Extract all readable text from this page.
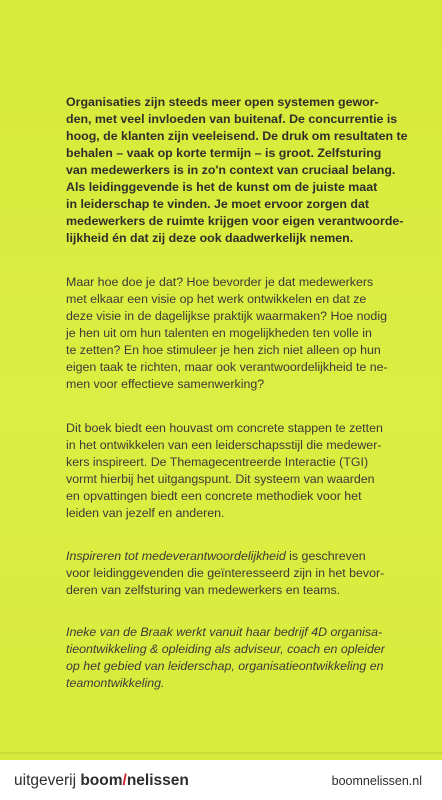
Organisaties zijn steeds meer open systemen gewor-
den, met veel invloeden van buitenaf. De concurrentie is
hoog, de klanten zijn veeleisend. De druk om resultaten te
behalen – vaak op korte termijn – is groot. Zelfsturing
van medewerkers is in zo'n context van cruciaal belang.
Als leidinggevende is het de kunst om de juiste maat
in leiderschap te vinden. Je moet ervoor zorgen dat
medewerkers de ruimte krijgen voor eigen verantwoorde-
lijkheid én dat zij deze ook daadwerkelijk nemen.

Maar hoe doe je dat? Hoe bevorder je dat medewerkers
met elkaar een visie op het werk ontwikkelen en dat ze
deze visie in de dagelijkse praktijk waarmaken? Hoe nodig
je hen uit om hun talenten en mogelijkheden ten volle in
te zetten? En hoe stimuleer je hen zich niet alleen op hun
eigen taak te richten, maar ook verantwoordelijkheid te ne-
men voor effectieve samenwerking?

Dit boek biedt een houvast om concrete stappen te zetten
in het ontwikkelen van een leiderschapsstijl die medewer-
kers inspireert. De Themagecentreerde Interactie (TGI)
vormt hierbij het uitgangspunt. Dit systeem van waarden
en opvattingen biedt een concrete methodiek voor het
leiden van jezelf en anderen.

Inspireren tot medeverantwoordelijkheid is geschreven
voor leidinggevenden die geïnteresseerd zijn in het bevor-
deren van zelfsturing van medewerkers en teams.

Ineke van de Braak werkt vanuit haar bedrijf 4D organisa-
tieontwikkeling & opleiding als adviseur, coach en opleider
op het gebied van leiderschap, organisatieontwikkeling en
teamontwikkeling.

uitgeverij boom/nelissen	boomnelissen.nl
